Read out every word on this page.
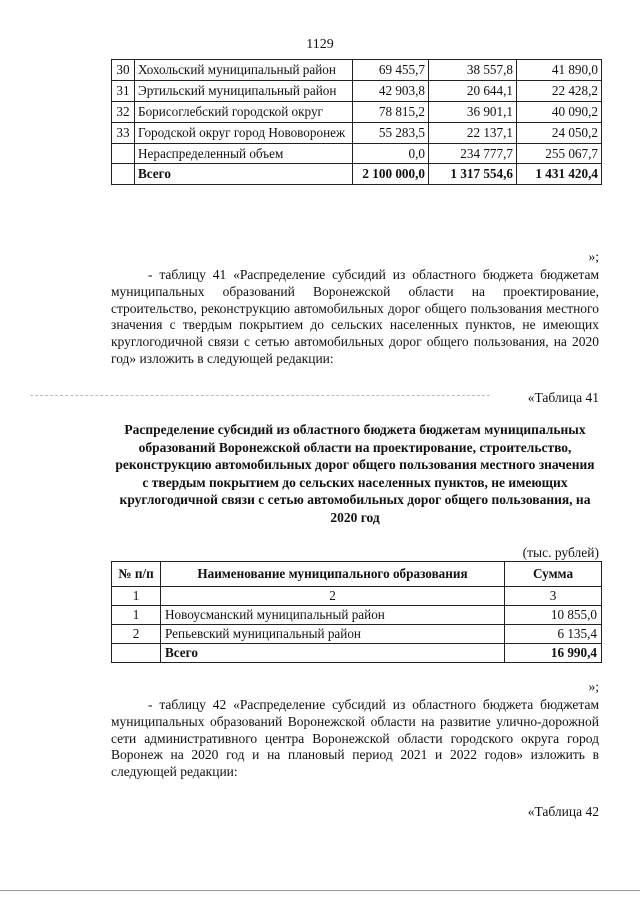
1129
30	Хохольский муниципальный район	69 455,7	38 557,8	41 890,0
31	Эртильский муниципальный район	42 903,8	20 644,1	22 428,2
32	Борисоглебский городской округ	78 815,2	36 901,1	40 090,2
33	Городской округ город Нововоронеж	55 283,5	22 137,1	24 050,2
	Нераспределенный объем	0,0	234 777,7	255 067,7
	Всего	2 100 000,0	1 317 554,6	1 431 420,4
»;

- таблицу 41 «Распределение субсидий из областного бюджета бюджетам муниципальных образований Воронежской области на проектирование, строительство, реконструкцию автомобильных дорог общего пользования местного значения с твердым покрытием до сельских населенных пунктов, не имеющих круглогодичной связи с сетью автомобильных дорог общего пользования, на 2020 год» изложить в следующей редакции:

«Таблица 41

Распределение субсидий из областного бюджета бюджетам муниципальных образований Воронежской области на проектирование, строительство, реконструкцию автомобильных дорог общего пользования местного значения с твердым покрытием до сельских населенных пунктов, не имеющих круглогодичной связи с сетью автомобильных дорог общего пользования, на 2020 год

(тыс. рублей)
№ п/п	Наименование муниципального образования	Сумма
1	2	3
1	Новоусманский муниципальный район	10 855,0
2	Репьевский муниципальный район	6 135,4
	Всего	16 990,4
»;

- таблицу 42 «Распределение субсидий из областного бюджета бюджетам муниципальных образований Воронежской области на развитие улично-дорожной сети административного центра Воронежской области городского округа город Воронеж на 2020 год и на плановый период 2021 и 2022 годов» изложить в следующей редакции:

«Таблица 42
